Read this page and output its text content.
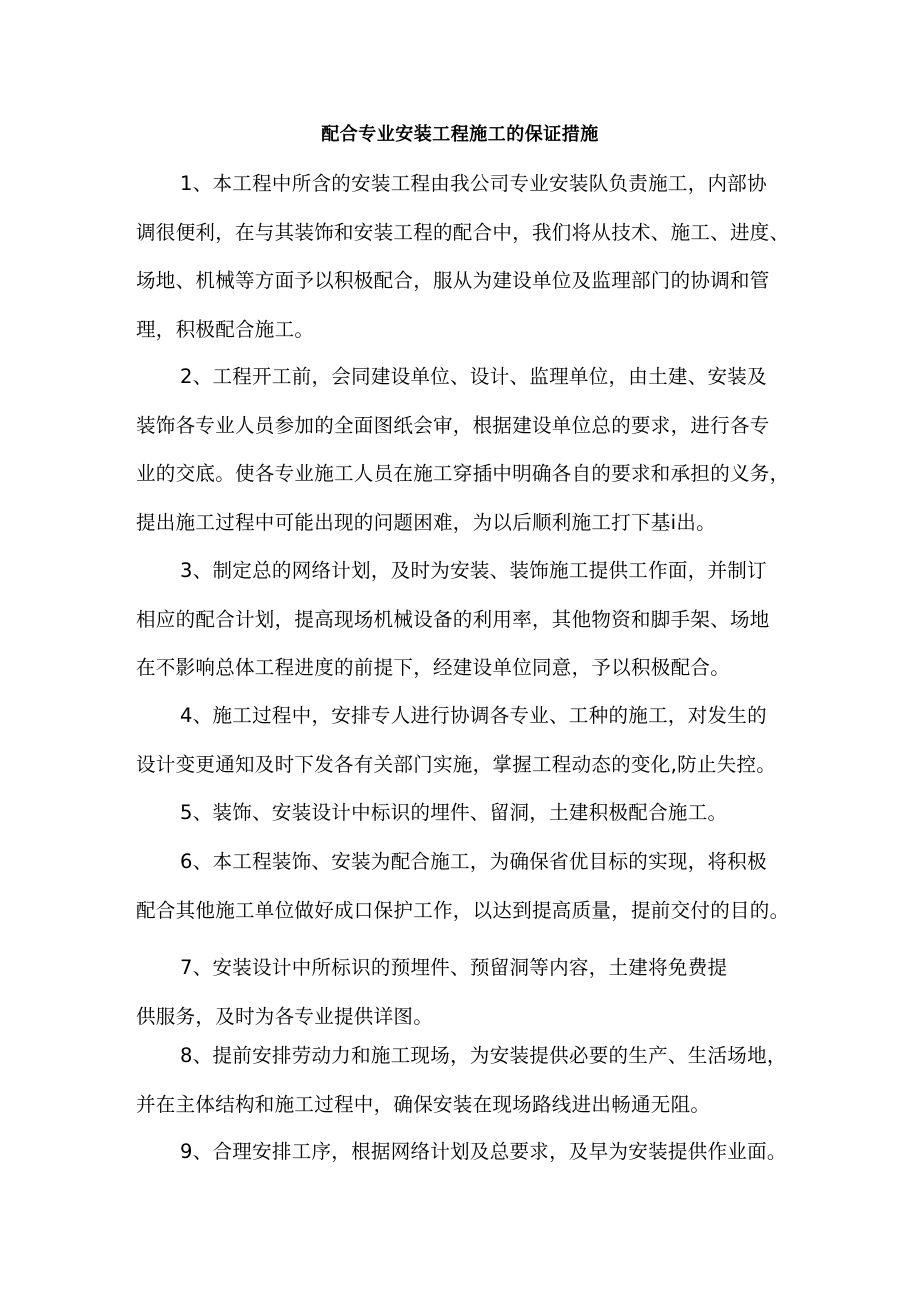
配合专业安装工程施工的保证措施
1、本工程中所含的安装工程由我公司专业安装队负责施工，内部协
调很便利，在与其装饰和安装工程的配合中，我们将从技术、施工、进度、
场地、机械等方面予以积极配合，服从为建设单位及监理部门的协调和管
理，积极配合施工。
2、工程开工前，会同建设单位、设计、监理单位，由土建、安装及
装饰各专业人员参加的全面图纸会审，根据建设单位总的要求，进行各专
业的交底。使各专业施工人员在施工穿插中明确各自的要求和承担的义务，
提出施工过程中可能出现的问题困难，为以后顺利施工打下基i出。
3、制定总的网络计划，及时为安装、装饰施工提供工作面，并制订
相应的配合计划，提高现场机械设备的利用率，其他物资和脚手架、场地
在不影响总体工程进度的前提下，经建设单位同意，予以积极配合。
4、施工过程中，安排专人进行协调各专业、工种的施工，对发生的
设计变更通知及时下发各有关部门实施，掌握工程动态的变化,防止失控。
5、装饰、安装设计中标识的埋件、留洞，土建积极配合施工。
6、本工程装饰、安装为配合施工，为确保省优目标的实现，将积极
配合其他施工单位做好成口保护工作，以达到提高质量，提前交付的目的。
7、安装设计中所标识的预埋件、预留洞等内容，土建将免费提
供服务，及时为各专业提供详图。
8、提前安排劳动力和施工现场，为安装提供必要的生产、生活场地，
并在主体结构和施工过程中，确保安装在现场路线进出畅通无阻。
9、合理安排工序，根据网络计划及总要求，及早为安装提供作业面。
